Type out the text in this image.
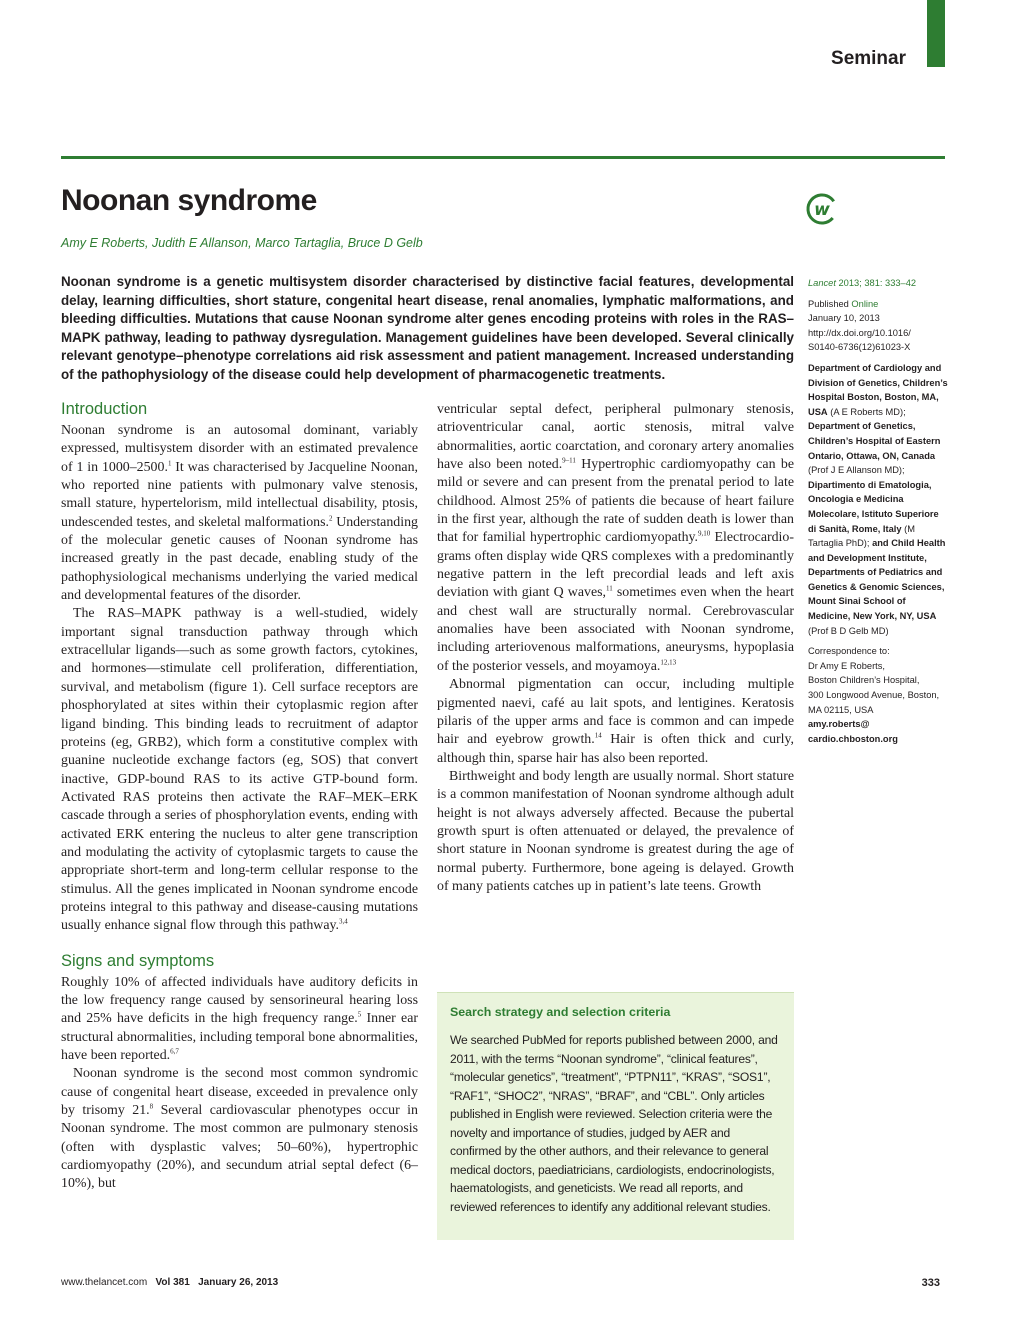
Seminar
Noonan syndrome	w
Amy E Roberts, Judith E Allanson, Marco Tartaglia, Bruce D Gelb

Noonan syndrome is a genetic multisystem disorder characterised by distinctive facial features, developmental delay, learning difficulties, short stature, congenital heart disease, renal anomalies, lymphatic malformations, and bleeding difficulties. Mutations that cause Noonan syndrome alter genes encoding proteins with roles in the RAS–MAPK pathway, leading to pathway dysregulation. Management guidelines have been developed. Several clinically relevant genotype–phenotype correlations aid risk assessment and patient management. Increased understanding of the pathophysiology of the disease could help development of pharmacogenetic treatments.

Introduction

Noonan syndrome is an autosomal dominant, variably expressed, multisystem disorder with an estimated prevalence of 1 in 1000–2500.$^1$ It was characterised by Jacqueline Noonan, who reported nine patients with pulmonary valve stenosis, small stature, hypertelorism, mild intellectual disability, ptosis, undescended testes, and skeletal malformations.$^2$ Understanding of the molecular genetic causes of Noonan syndrome has increased greatly in the past decade, enabling study of the pathophysiological mechanisms underlying the varied medical and developmental features of the disorder.

The RAS–MAPK pathway is a well-studied, widely important signal transduction pathway through which extracellular ligands—such as some growth factors, cytokines, and hormones—stimulate cell proliferation, differentiation, survival, and metabolism (figure 1). Cell surface receptors are phosphorylated at sites within their cytoplasmic region after ligand binding. This binding leads to recruitment of adaptor proteins (eg, GRB2), which form a constitutive complex with guanine nucleotide exchange factors (eg, SOS) that convert inactive, GDP-bound RAS to its active GTP-bound form. Activated RAS proteins then activate the RAF–MEK–ERK cascade through a series of phosphorylation events, ending with activated ERK entering the nucleus to alter gene transcription and modulating the activity of cytoplasmic targets to cause the appropriate short-term and long-term cellular response to the stimulus. All the genes implicated in Noonan syndrome encode proteins integral to this pathway and disease-causing mutations usually enhance signal flow through this pathway.$^{3,4}$

Signs and symptoms

Roughly 10% of affected individuals have auditory deficits in the low frequency range caused by sensorineural hearing loss and 25% have deficits in the high frequency range.$^5$ Inner ear structural abnormalities, including temporal bone abnormalities, have been reported.$^{6,7}$

Noonan syndrome is the second most common syndromic cause of congenital heart disease, exceeded in prevalence only by trisomy 21.$^8$ Several cardiovascular phenotypes occur in Noonan syndrome. The most common are pulmonary stenosis (often with dysplastic valves; 50–60%), hypertrophic cardiomyopathy (20%), and secundum atrial septal defect (6–10%), but

ventricular septal defect, peripheral pulmonary stenosis, atrioventricular canal, aortic stenosis, mitral valve abnormalities, aortic coarctation, and coronary artery anomalies have also been noted.$^{9-11}$ Hypertrophic cardiomyopathy can be mild or severe and can present from the prenatal period to late childhood. Almost 25% of patients die because of heart failure in the first year, although the rate of sudden death is lower than that for familial hypertrophic cardiomyopathy.$^{9,10}$ Electrocardiograms often display wide QRS complexes with a predominantly negative pattern in the left precordial leads and left axis deviation with giant Q waves,$^{11}$ sometimes even when the heart and chest wall are structurally normal. Cerebrovascular anomalies have been associated with Noonan syndrome, including arteriovenous malformations, aneurysms, hypoplasia of the posterior vessels, and moyamoya.$^{12,13}$

Abnormal pigmentation can occur, including multiple pigmented naevi, café au lait spots, and lentigines. Keratosis pilaris of the upper arms and face is common and can impede hair and eyebrow growth.$^{14}$ Hair is often thick and curly, although thin, sparse hair has also been reported.

Birthweight and body length are usually normal. Short stature is a common manifestation of Noonan syndrome although adult height is not always adversely affected. Because the pubertal growth spurt is often attenuated or delayed, the prevalence of short stature in Noonan syndrome is greatest during the age of normal puberty. Furthermore, bone ageing is delayed. Growth of many patients catches up in patient’s late teens. Growth

Search strategy and selection criteria

We searched PubMed for reports published between 2000, and 2011, with the terms “Noonan syndrome”, “clinical features”, “molecular genetics”, “treatment”, “PTPN11”, “KRAS”, “SOS1”, “RAF1”, “SHOC2”, “NRAS”, “BRAF”, and “CBL”. Only articles published in English were reviewed. Selection criteria were the novelty and importance of studies, judged by AER and confirmed by the other authors, and their relevance to general medical doctors, paediatricians, cardiologists, endocrinologists, haematologists, and geneticists. We read all reports, and reviewed references to identify any additional relevant studies.

Lancet 2013; 381: 333–42
Published Online
January 10, 2013
http://dx.doi.org/10.1016/
S0140-6736(12)61023-X
Department of Cardiology and Division of Genetics, Children’s Hospital Boston, Boston, MA, USA (A E Roberts MD);
Department of Genetics, Children’s Hospital of Eastern Ontario, Ottawa, ON, Canada (Prof J E Allanson MD);
Dipartimento di Ematologia, Oncologia e Medicina Molecolare, Istituto Superiore di Sanità, Rome, Italy (M Tartaglia PhD); and Child Health and Development Institute, Departments of Pediatrics and Genetics & Genomic Sciences, Mount Sinai School of Medicine, New York, NY, USA (Prof B D Gelb MD)
Correspondence to:
Dr Amy E Roberts,
Boston Children’s Hospital,
300 Longwood Avenue, Boston,
MA 02115, USA
amy.roberts@
cardio.chboston.org
www.thelancet.com Vol 381 January 26, 2013	333
